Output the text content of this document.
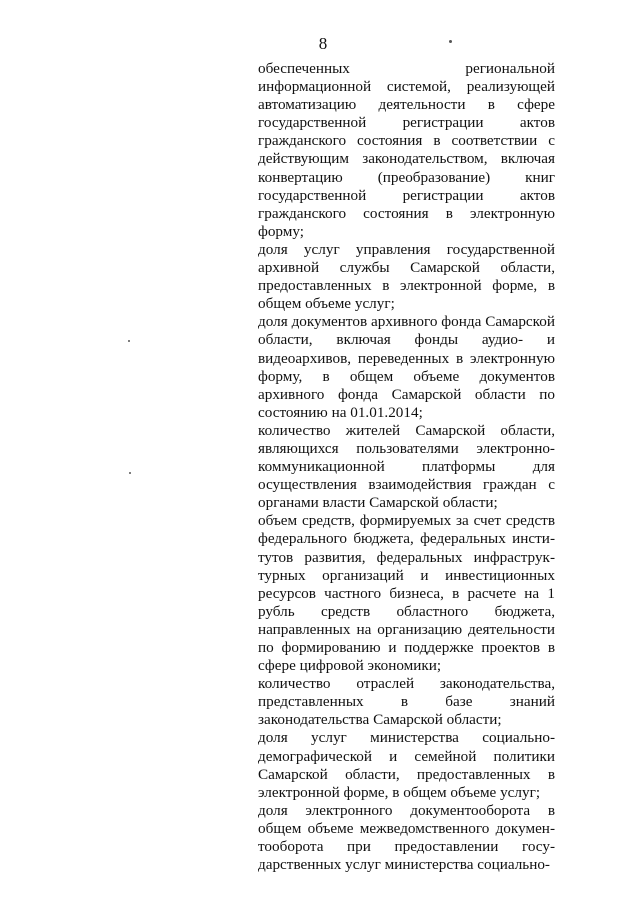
8

обеспеченных региональной информационной системой, реализующей автоматизацию деятельности в сфере государственной регистрации актов гражданского состояния в соответствии с действующим законодательством, включая конвертацию (преобразование) книг государственной регистрации актов гражданского состояния в электронную форму;

доля услуг управления государственной архивной службы Самарской области, предоставленных в электронной форме, в общем объеме услуг;

доля документов архивного фонда Самарской области, включая фонды аудио- и видеоархивов, переведенных в электронную форму, в общем объеме документов архивного фонда Самарской области по состоянию на 01.01.2014;

количество жителей Самарской области, являющихся пользователями электронно-коммуникационной платформы для осуществления взаимодействия граждан с органами власти Самарской области;

объем средств, формируемых за счет средств федерального бюджета, федеральных институтов развития, федеральных инфраструктурных организаций и инвестиционных ресурсов частного бизнеса, в расчете на 1 рубль средств областного бюджета, направленных на организацию деятельности по формированию и поддержке проектов в сфере цифровой экономики;

количество отраслей законодательства, представленных в базе знаний законодательства Самарской области;

доля услуг министерства социально-демографической и семейной политики Самарской области, предоставленных в электронной форме, в общем объеме услуг;

доля электронного документооборота в общем объеме межведомственного документооборота при предоставлении государственных услуг министерства социально-
